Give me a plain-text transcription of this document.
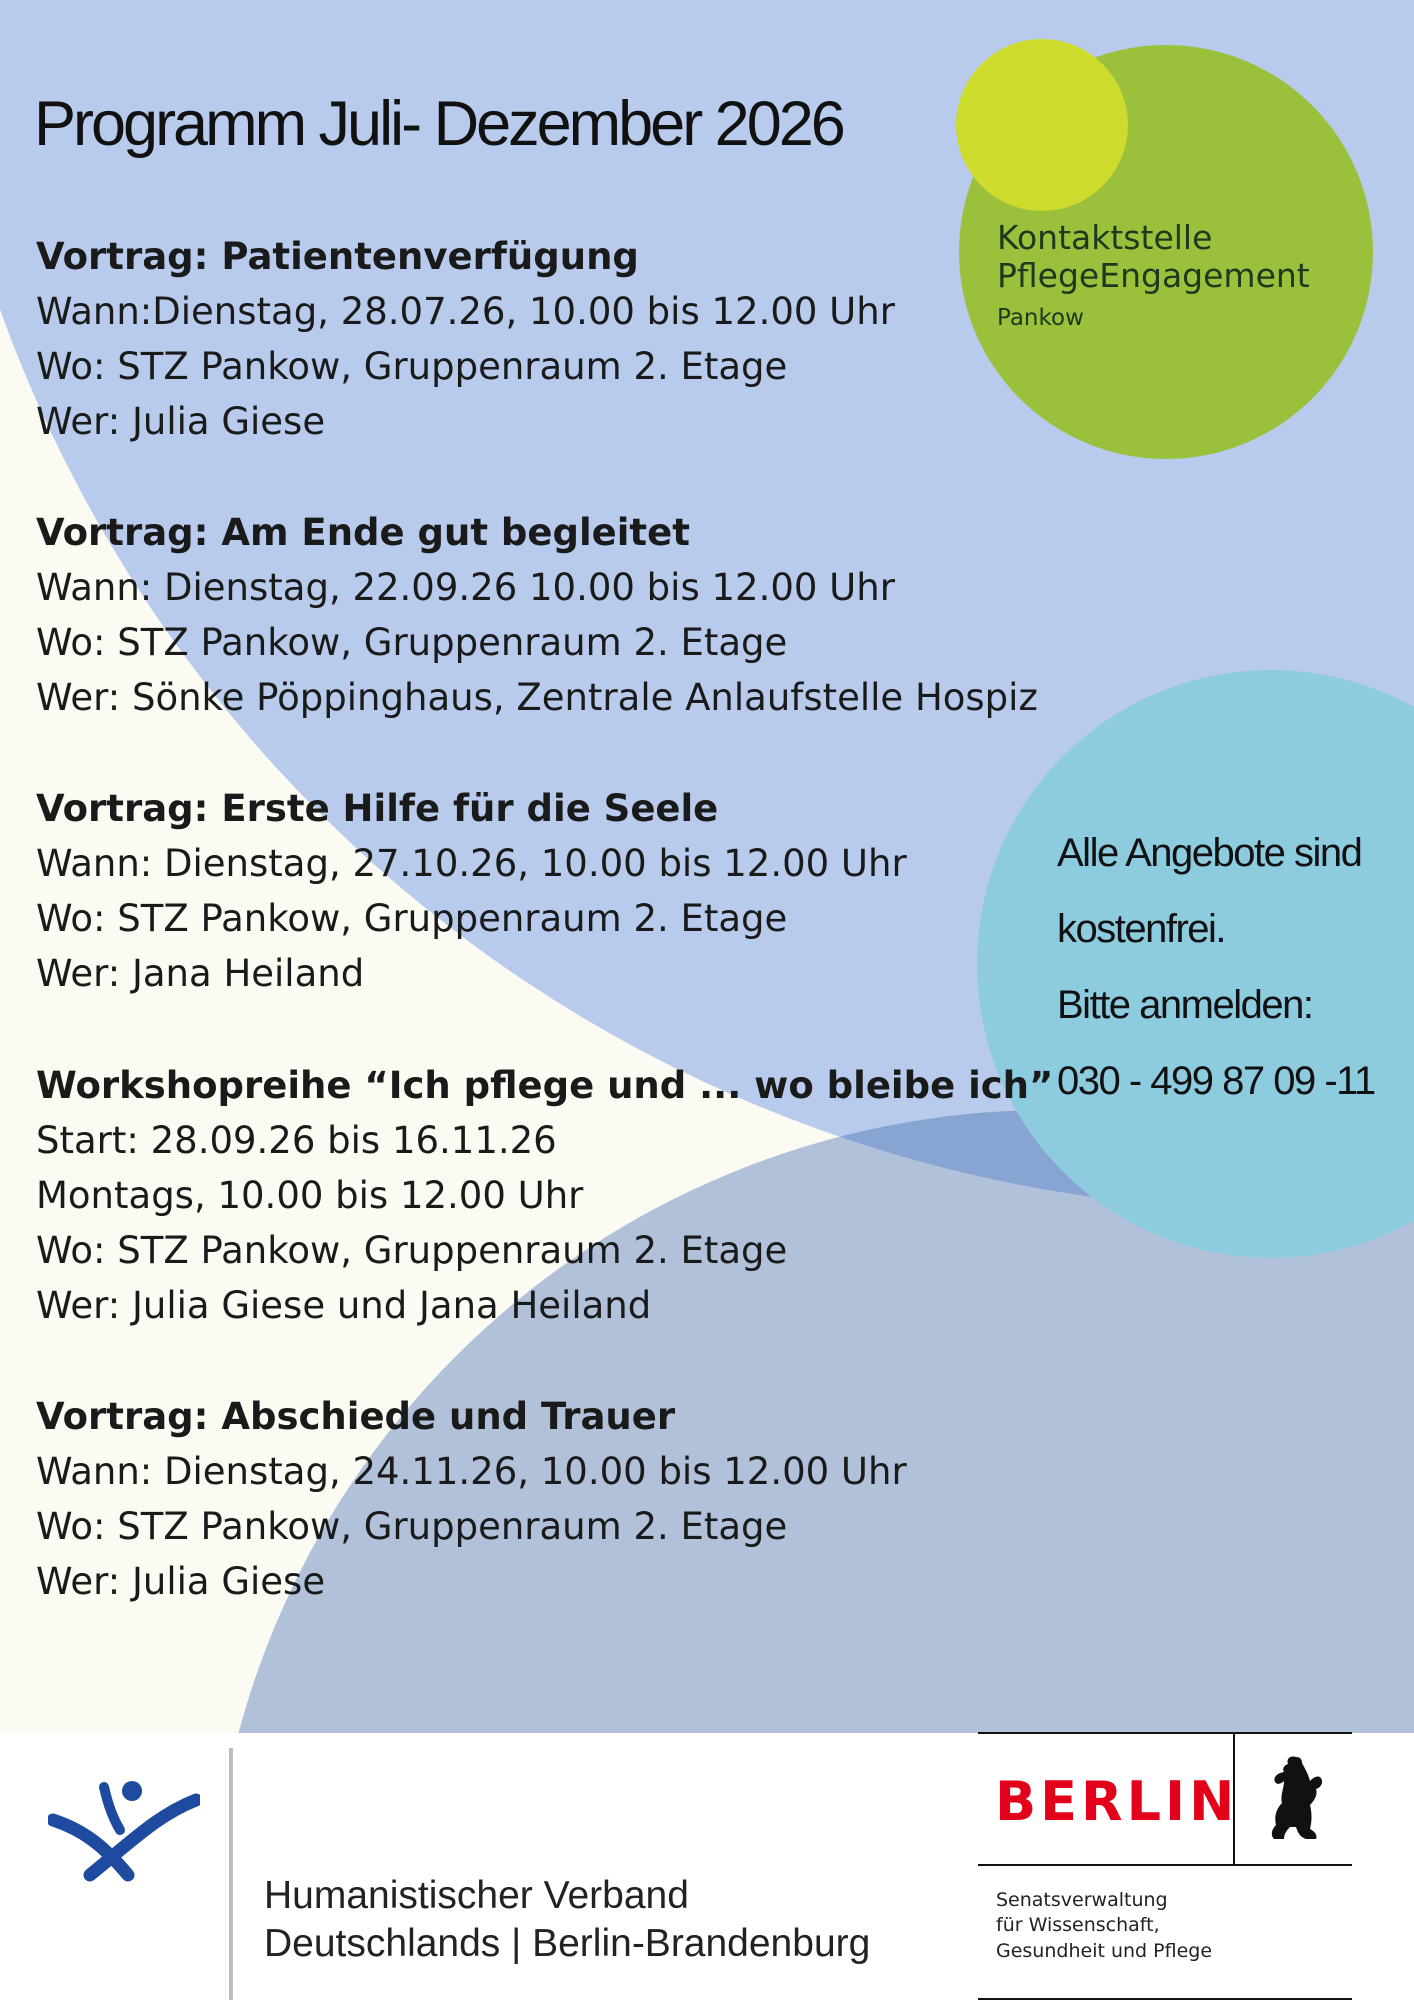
Programm Juli- Dezember 2026
Kontaktstelle
PflegeEngagement
Pankow
Vortrag: Patientenverfügung
Wann:Dienstag, 28.07.26, 10.00 bis 12.00 Uhr
Wo: STZ Pankow, Gruppenraum 2. Etage
Wer: Julia Giese
Vortrag: Am Ende gut begleitet
Wann: Dienstag, 22.09.26 10.00 bis 12.00 Uhr
Wo: STZ Pankow, Gruppenraum 2. Etage
Wer: Sönke Pöppinghaus, Zentrale Anlaufstelle Hospiz
Vortrag: Erste Hilfe für die Seele
Wann: Dienstag, 27.10.26, 10.00 bis 12.00 Uhr
Wo: STZ Pankow, Gruppenraum 2. Etage
Wer: Jana Heiland
Workshopreihe “Ich pflege und ... wo bleibe ich”
Start: 28.09.26 bis 16.11.26
Montags, 10.00 bis 12.00 Uhr
Wo: STZ Pankow, Gruppenraum 2. Etage
Wer: Julia Giese und Jana Heiland
Vortrag: Abschiede und Trauer
Wann: Dienstag, 24.11.26, 10.00 bis 12.00 Uhr
Wo: STZ Pankow, Gruppenraum 2. Etage
Wer: Julia Giese
Alle Angebote sind
kostenfrei.
Bitte anmelden:
030 - 499 87 09 -11
Humanistischer Verband
Deutschlands | Berlin-Brandenburg
BERLIN
Senatsverwaltung
für Wissenschaft,
Gesundheit und Pflege
